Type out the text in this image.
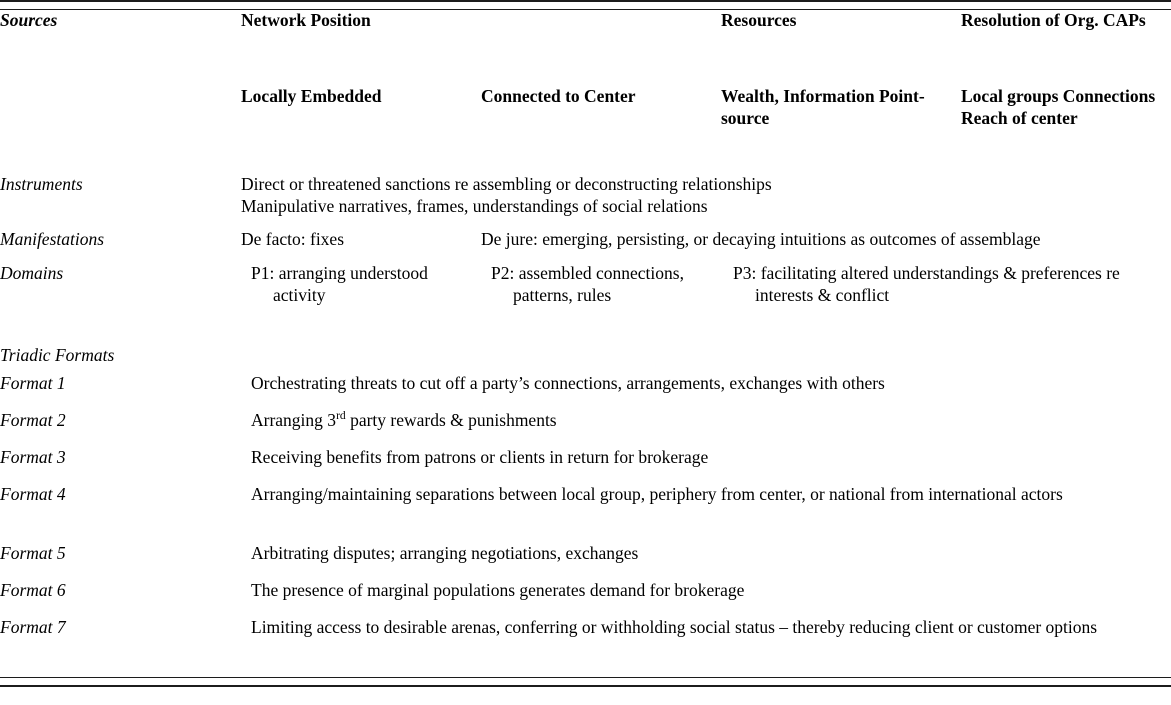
Sources	Network Position		Resources	Resolution of Org. CAPs
	Locally Embedded	Connected to Center	Wealth, Information Point-source	Local groups Connections Reach of center
Instruments	Direct or threatened sanctions re assembling or deconstructing relationships
Manipulative narratives, frames, understandings of social relations			

Manifestations	De facto: fixes	De jure: emerging, persisting, or decaying intuitions as outcomes of assemblage		
Domains	P1: arranging understood activity	P2: assembled connections, patterns, rules	P3: facilitating altered understandings & preferences re interests & conflict	

Triadic Formats				
Format 1	Orchestrating threats to cut off a party’s connections, arrangements, exchanges with others			

Format 2	Arranging 3rd party rewards & punishments			

Format 3	Receiving benefits from patrons or clients in return for brokerage			

Format 4	Arranging/maintaining separations between local group, periphery from center, or national from international actors			

Format 5	Arbitrating disputes; arranging negotiations, exchanges			

Format 6	The presence of marginal populations generates demand for brokerage			

Format 7	Limiting access to desirable arenas, conferring or withholding social status – thereby reducing client or customer options			
